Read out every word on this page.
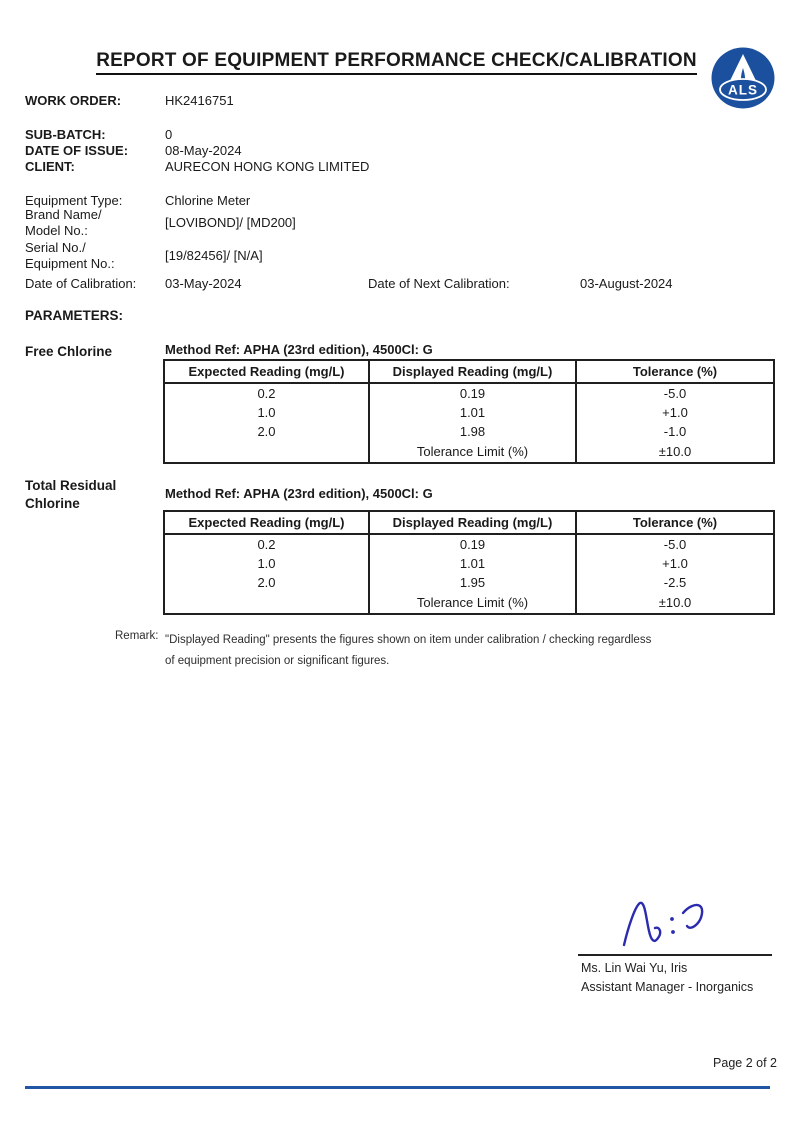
REPORT OF EQUIPMENT PERFORMANCE CHECK/CALIBRATION
ALS
WORK ORDER:	HK2416751
SUB-BATCH:	0
DATE OF ISSUE:	08-May-2024
CLIENT:	AURECON HONG KONG LIMITED
Equipment Type:	Chlorine Meter
Brand Name/
Model No.:
[LOVIBOND]/ [MD200]
Serial No./
Equipment No.:
[19/82456]/ [N/A]
Date of Calibration:	03-May-2024	Date of Next Calibration:	03-August-2024
PARAMETERS:
Free Chlorine	Method Ref: APHA (23rd edition), 4500Cl: G
Expected Reading (mg/L)	Displayed Reading (mg/L)	Tolerance (%)
0.2	0.19	-5.0
1.0	1.01	+1.0
2.0	1.98	-1.0
	Tolerance Limit (%)	±10.0
Total Residual
Chlorine
Method Ref: APHA (23rd edition), 4500Cl: G
Expected Reading (mg/L)	Displayed Reading (mg/L)	Tolerance (%)
0.2	0.19	-5.0
1.0	1.01	+1.0
2.0	1.95	-2.5
	Tolerance Limit (%)	±10.0
Remark: "Displayed Reading" presents the figures shown on item under calibration / checking regardless
of equipment precision or significant figures.
Ms. Lin Wai Yu, Iris
Assistant Manager - Inorganics
Page 2 of 2
